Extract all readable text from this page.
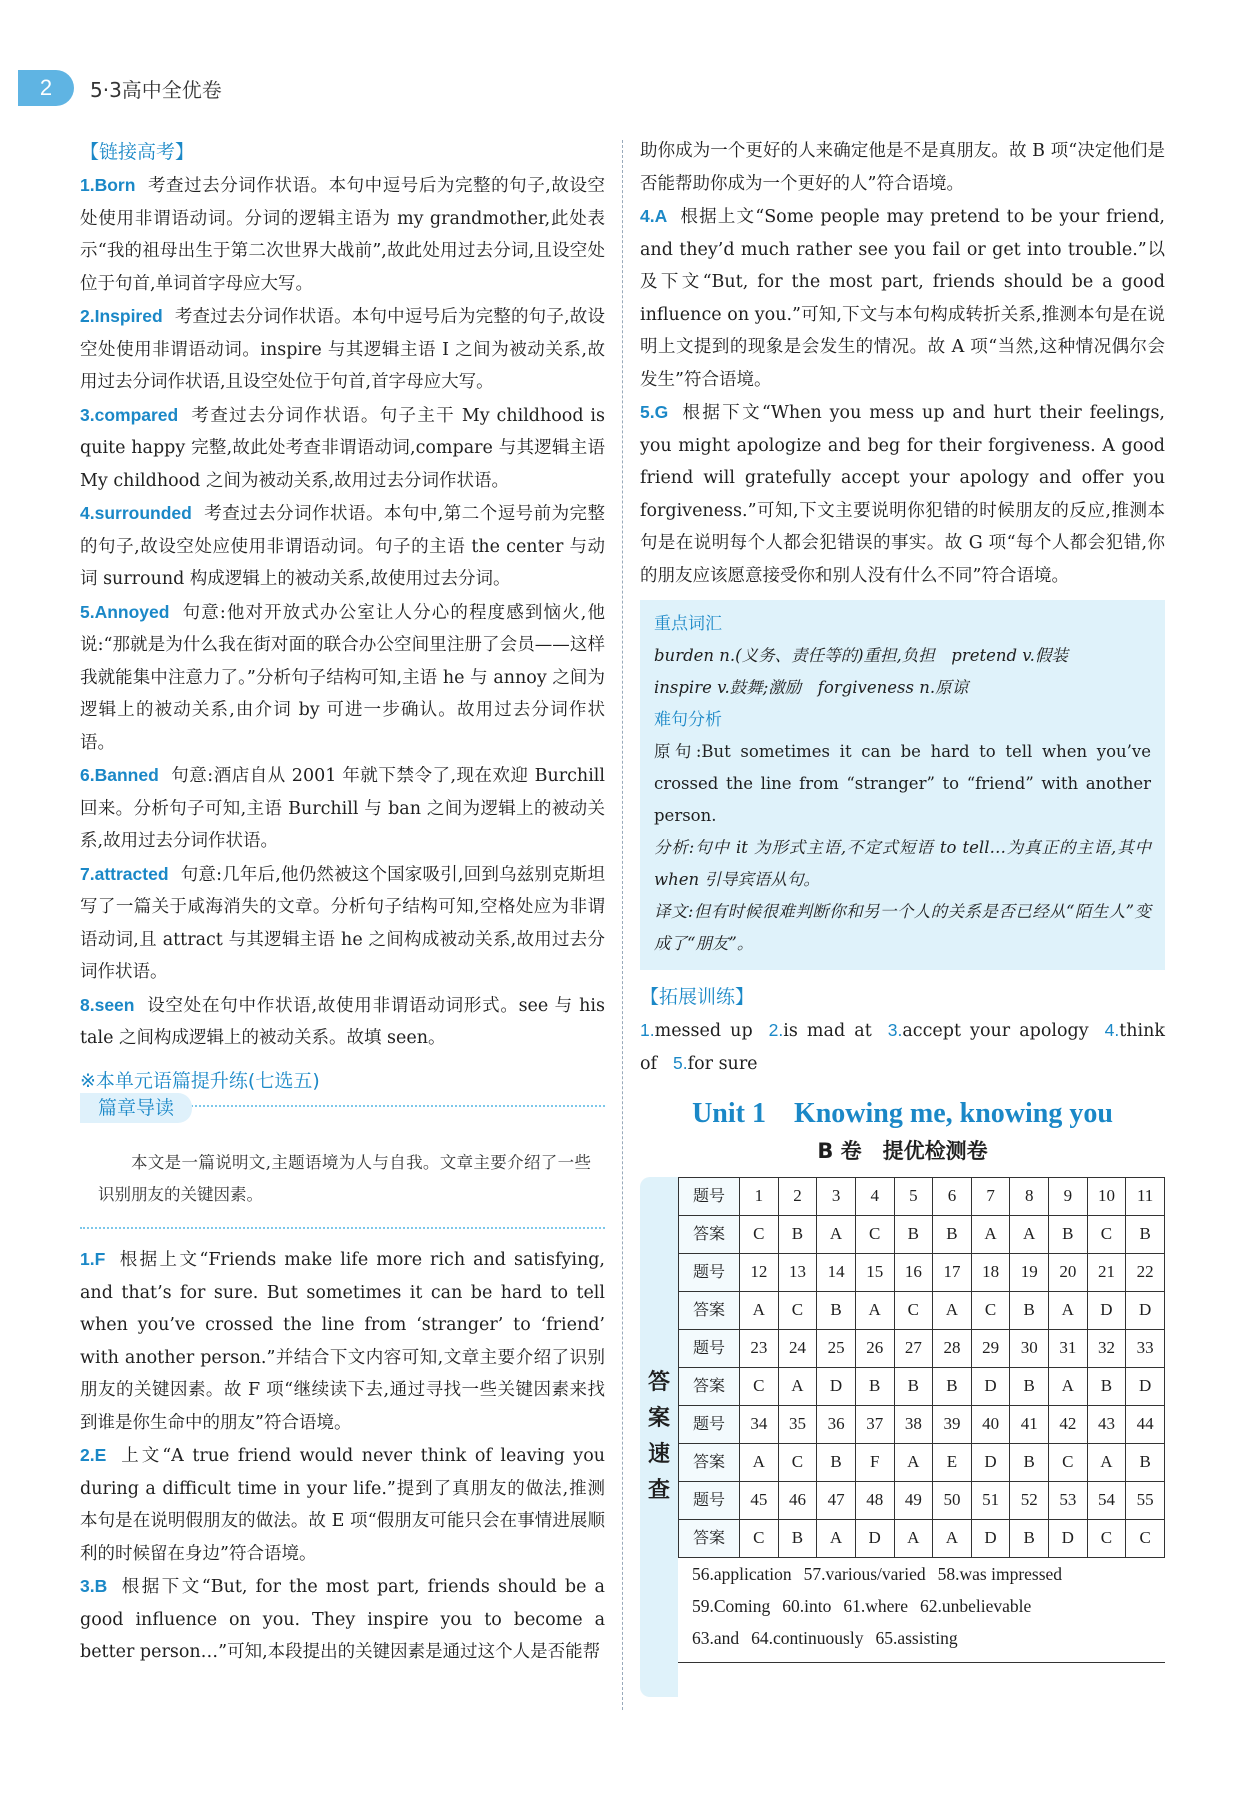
2	5·3高中全优卷
【链接高考】

1.Born 考查过去分词作状语。本句中逗号后为完整的句子,故设空处使用非谓语动词。分词的逻辑主语为 my grandmother,此处表示“我的祖母出生于第二次世界大战前”,故此处用过去分词,且设空处位于句首,单词首字母应大写。

2.Inspired 考查过去分词作状语。本句中逗号后为完整的句子,故设空处使用非谓语动词。inspire 与其逻辑主语 I 之间为被动关系,故用过去分词作状语,且设空处位于句首,首字母应大写。

3.compared 考查过去分词作状语。句子主干 My childhood is quite happy 完整,故此处考查非谓语动词,compare 与其逻辑主语 My childhood 之间为被动关系,故用过去分词作状语。

4.surrounded 考查过去分词作状语。本句中,第二个逗号前为完整的句子,故设空处应使用非谓语动词。句子的主语 the center 与动词 surround 构成逻辑上的被动关系,故使用过去分词。

5.Annoyed 句意:他对开放式办公室让人分心的程度感到恼火,他说:“那就是为什么我在街对面的联合办公空间里注册了会员——这样我就能集中注意力了。”分析句子结构可知,主语 he 与 annoy 之间为逻辑上的被动关系,由介词 by 可进一步确认。故用过去分词作状语。

6.Banned 句意:酒店自从 2001 年就下禁令了,现在欢迎 Burchill 回来。分析句子可知,主语 Burchill 与 ban 之间为逻辑上的被动关系,故用过去分词作状语。

7.attracted 句意:几年后,他仍然被这个国家吸引,回到乌兹别克斯坦写了一篇关于咸海消失的文章。分析句子结构可知,空格处应为非谓语动词,且 attract 与其逻辑主语 he 之间构成被动关系,故用过去分词作状语。

8.seen 设空处在句中作状语,故使用非谓语动词形式。see 与 his tale 之间构成逻辑上的被动关系。故填 seen。

※本单元语篇提升练(七选五)
篇章导读
本文是一篇说明文,主题语境为人与自我。文章主要介绍了一些识别朋友的关键因素。

1.F 根据上文“Friends make life more rich and satisfying, and that’s for sure. But sometimes it can be hard to tell when you’ve crossed the line from ‘stranger’ to ‘friend’ with another person.”并结合下文内容可知,文章主要介绍了识别朋友的关键因素。故 F 项“继续读下去,通过寻找一些关键因素来找到谁是你生命中的朋友”符合语境。

2.E 上文“A true friend would never think of leaving you during a difficult time in your life.”提到了真朋友的做法,推测本句是在说明假朋友的做法。故 E 项“假朋友可能只会在事情进展顺利的时候留在身边”符合语境。

3.B 根据下文“But, for the most part, friends should be a good influence on you. They inspire you to become a better person…”可知,本段提出的关键因素是通过这个人是否能帮

助你成为一个更好的人来确定他是不是真朋友。故 B 项“决定他们是否能帮助你成为一个更好的人”符合语境。

4.A 根据上文“Some people may pretend to be your friend, and they’d much rather see you fail or get into trouble.”以及下文“But, for the most part, friends should be a good influence on you.”可知,下文与本句构成转折关系,推测本句是在说明上文提到的现象是会发生的情况。故 A 项“当然,这种情况偶尔会发生”符合语境。

5.G 根据下文“When you mess up and hurt their feelings, you might apologize and beg for their forgiveness. A good friend will gratefully accept your apology and offer you forgiveness.”可知,下文主要说明你犯错的时候朋友的反应,推测本句是在说明每个人都会犯错误的事实。故 G 项“每个人都会犯错,你的朋友应该愿意接受你和别人没有什么不同”符合语境。

重点词汇
burden n.(义务、责任等的)重担,负担　pretend v.假装
inspire v.鼓舞;激励　forgiveness n.原谅
难句分析
原句:But sometimes it can be hard to tell when you’ve crossed the line from “stranger” to “friend” with another person.
分析:句中 it 为形式主语,不定式短语 to tell…为真正的主语,其中 when 引导宾语从句。
译文:但有时候很难判断你和另一个人的关系是否已经从“陌生人”变成了“朋友”。
【拓展训练】
1.messed up 2.is mad at 3.accept your apology 4.think of 5.for sure
Unit 1　Knowing me, knowing you
B 卷　提优检测卷
答
案
速
查
题号	1	2	3	4	5	6	7	8	9	10	11
答案	C	B	A	C	B	B	A	A	B	C	B
题号	12	13	14	15	16	17	18	19	20	21	22
答案	A	C	B	A	C	A	C	B	A	D	D
题号	23	24	25	26	27	28	29	30	31	32	33
答案	C	A	D	B	B	B	D	B	A	B	D
题号	34	35	36	37	38	39	40	41	42	43	44
答案	A	C	B	F	A	E	D	B	C	A	B
题号	45	46	47	48	49	50	51	52	53	54	55
答案	C	B	A	D	A	A	D	B	D	C	C
56.application 57.various/varied 58.was impressed
59.Coming 60.into 61.where 62.unbelievable
63.and 64.continuously 65.assisting
